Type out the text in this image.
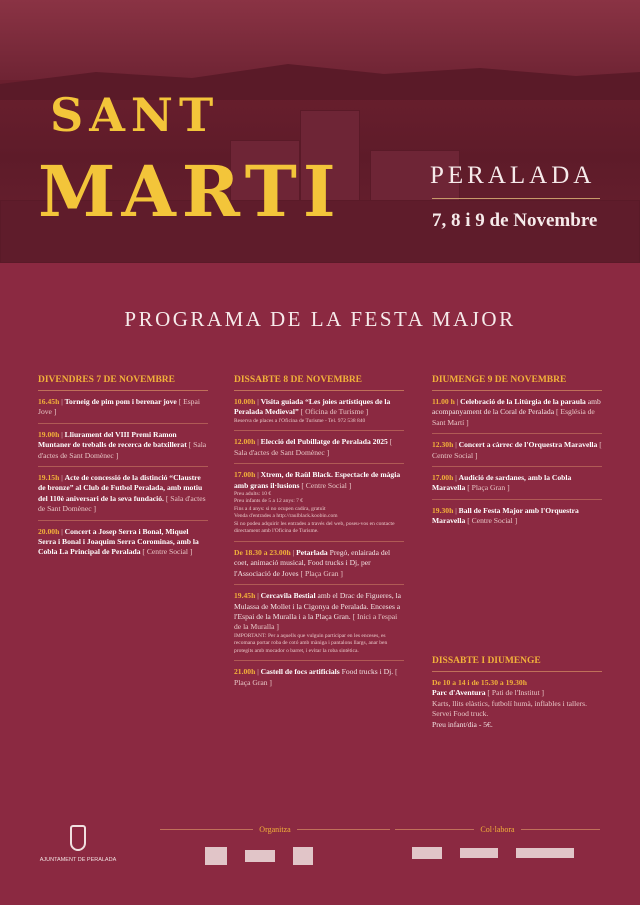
SANT
MARTI	PERALADA
7, 8 i 9 de Novembre
PROGRAMA DE LA FESTA MAJOR
DIVENDRES 7 DE NOVEMBRE
16.45h | Torneig de pim pom i berenar jove [ Espai Jove ]
19.00h | Lliurament del VIII Premi Ramon Muntaner de treballs de recerca de batxillerat [ Sala d'actes de Sant Domènec ]
19.15h | Acte de concessió de la distinció “Claustre de bronze” al Club de Futbol Peralada, amb motiu del 110è aniversari de la seva fundació. [ Sala d'actes de Sant Domènec ]
20.00h | Concert a Josep Serra i Bonal, Miquel Serra i Bonal i Joaquim Serra Corominas, amb la Cobla La Principal de Peralada [ Centre Social ]
DISSABTE 8 DE NOVEMBRE
10.00h | Visita guiada “Les joies artístiques de la Peralada Medieval” [ Oficina de Turisme ]
Reserva de places a l'Oficina de Turisme - Tel. 972 538 840
12.00h | Elecció del Pubillatge de Peralada 2025 [ Sala d'actes de Sant Domènec ]
17.00h | Xtrem, de Raül Black. Espectacle de màgia amb grans il·lusions [ Centre Social ]
Preu adults: 10 €
Preu infants de 5 a 12 anys: 7 €
Fins a 4 anys: si no ocupen cadira, gratuït
Venda d'entrades a http://raulblack.koobin.com
Si no podeu adquirir les entrades a través del web, poseu-vos en contacte directament amb l'Oficina de Turisme.
De 18.30 a 23.00h | Petarlada Pregó, enlairada del coet, animació musical, Food trucks i Dj, per l'Associació de Joves [ Plaça Gran ]
19.45h | Cercavila Bestial amb el Drac de Figueres, la Mulassa de Mollet i la Cigonya de Peralada. Enceses a l'Espai de la Muralla i a la Plaça Gran. [ Inici a l'espai de la Muralla ]
IMPORTANT: Per a aquells que vulguin participar en les enceses, es recomana portar roba de cotó amb màniga i pantalons llargs, anar ben protegits amb mocador o barret, i evitar la roba sintètica.
21.00h | Castell de focs artificials Food trucks i Dj. [ Plaça Gran ]
DIUMENGE 9 DE NOVEMBRE
11.00 h | Celebració de la Litúrgia de la paraula amb acompanyament de la Coral de Peralada [ Església de Sant Martí ]
12.30h | Concert a càrrec de l'Orquestra Maravella [ Centre Social ]
17.00h | Audició de sardanes, amb la Cobla Maravella [ Plaça Gran ]
19.30h | Ball de Festa Major amb l'Orquestra Maravella [ Centre Social ]
DISSABTE I DIUMENGE
De 10 a 14 i de 15.30 a 19.30h
Parc d'Aventura [ Pati de l'Institut ]
Karts, llits elàstics, futbolí humà, inflables i tallers. Servei Food truck.
Preu infant/dia - 5€.
AJUNTAMENT DE PERALADA
Organitza	Col·labora
